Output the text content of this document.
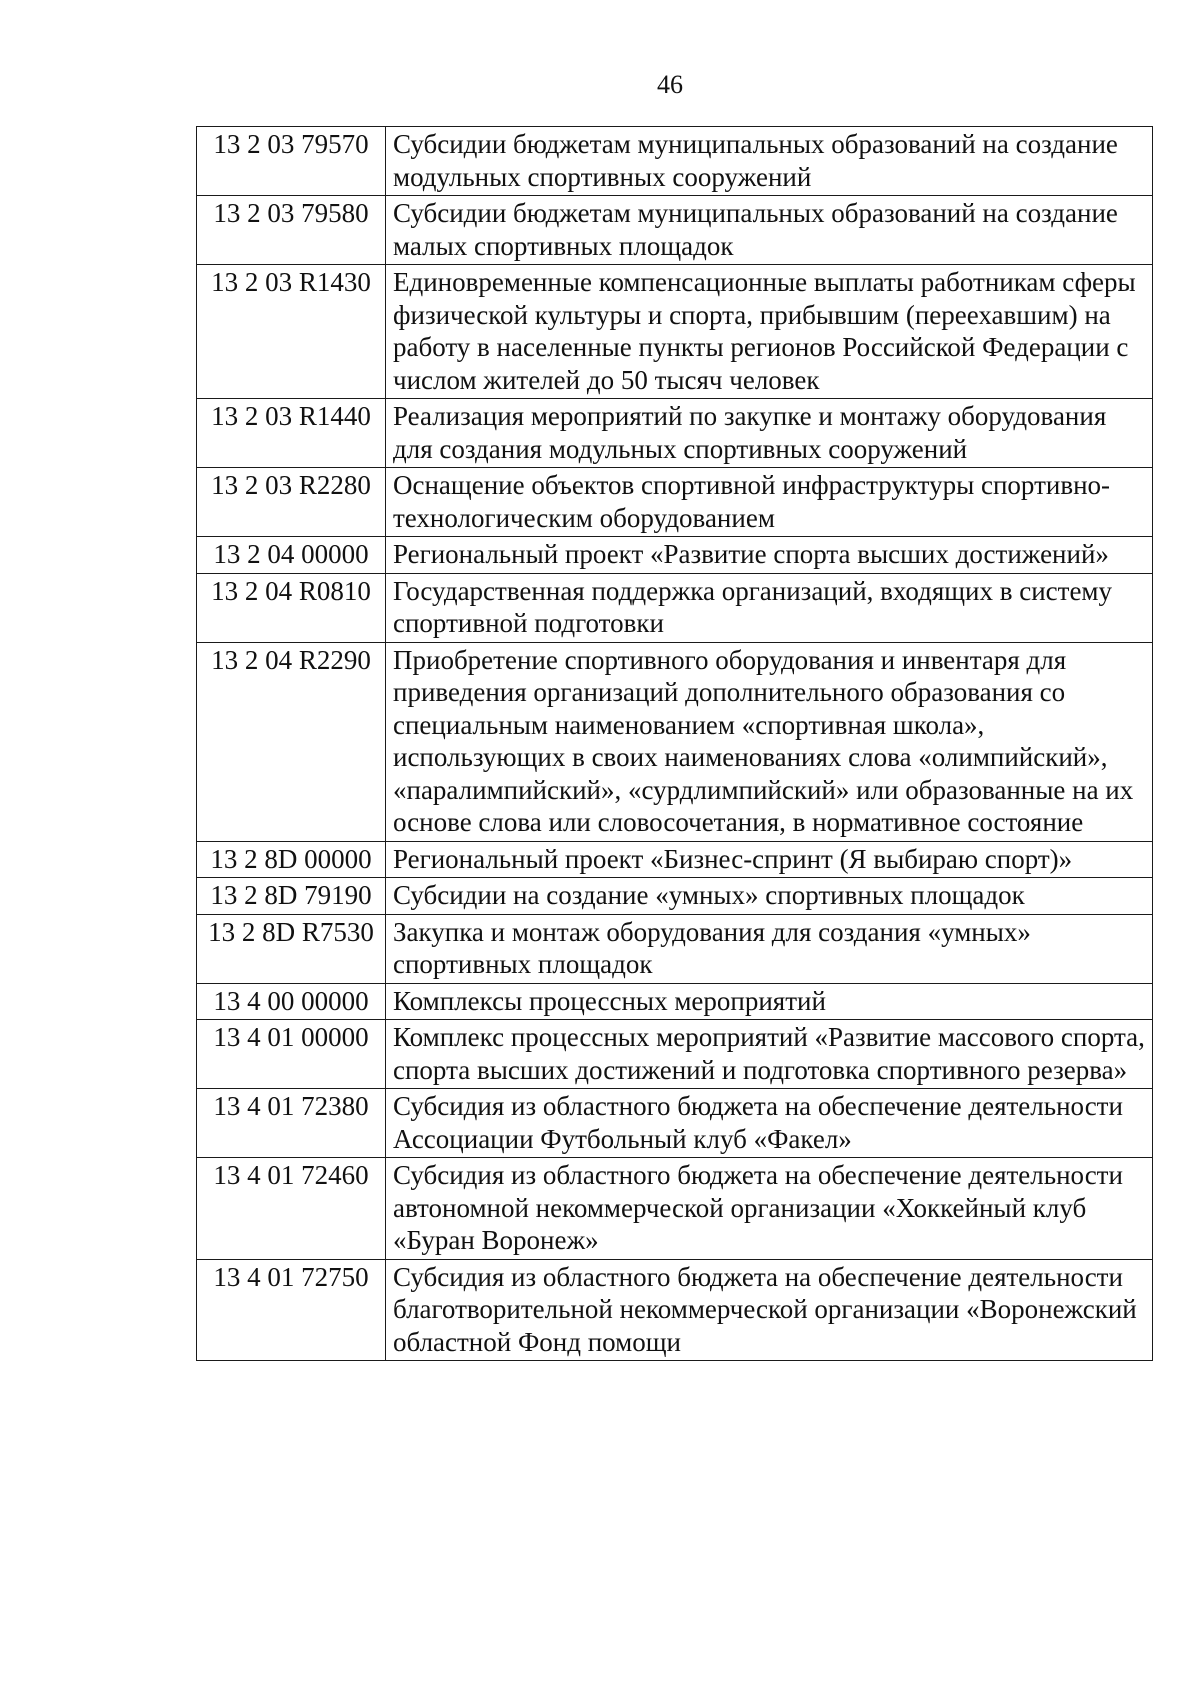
46
13 2 03 79570	Субсидии бюджетам муниципальных образований на создание модульных спортивных сооружений
13 2 03 79580	Субсидии бюджетам муниципальных образований на создание малых спортивных площадок
13 2 03 R1430	Единовременные компенсационные выплаты работникам сферы физической культуры и спорта, прибывшим (переехавшим) на работу в населенные пункты регионов Российской Федерации с числом жителей до 50 тысяч человек
13 2 03 R1440	Реализация мероприятий по закупке и монтажу оборудования для создания модульных спортивных сооружений
13 2 03 R2280	Оснащение объектов спортивной инфраструктуры спортивно-технологическим оборудованием
13 2 04 00000	Региональный проект «Развитие спорта высших достижений»
13 2 04 R0810	Государственная поддержка организаций, входящих в систему спортивной подготовки
13 2 04 R2290	Приобретение спортивного оборудования и инвентаря для приведения организаций дополнительного образования со специальным наименованием «спортивная школа», использующих в своих наименованиях слова «олимпийский», «паралимпийский», «сурдлимпийский» или образованные на их основе слова или словосочетания, в нормативное состояние
13 2 8D 00000	Региональный проект «Бизнес-спринт (Я выбираю спорт)»
13 2 8D 79190	Субсидии на создание «умных» спортивных площадок
13 2 8D R7530	Закупка и монтаж оборудования для создания «умных» спортивных площадок
13 4 00 00000	Комплексы процессных мероприятий
13 4 01 00000	Комплекс процессных мероприятий «Развитие массового спорта, спорта высших достижений и подготовка спортивного резерва»
13 4 01 72380	Субсидия из областного бюджета на обеспечение деятельности Ассоциации Футбольный клуб «Факел»
13 4 01 72460	Субсидия из областного бюджета на обеспечение деятельности автономной некоммерческой организации «Хоккейный клуб «Буран Воронеж»
13 4 01 72750	Субсидия из областного бюджета на обеспечение деятельности благотворительной некоммерческой организации «Воронежский областной Фонд помощи
